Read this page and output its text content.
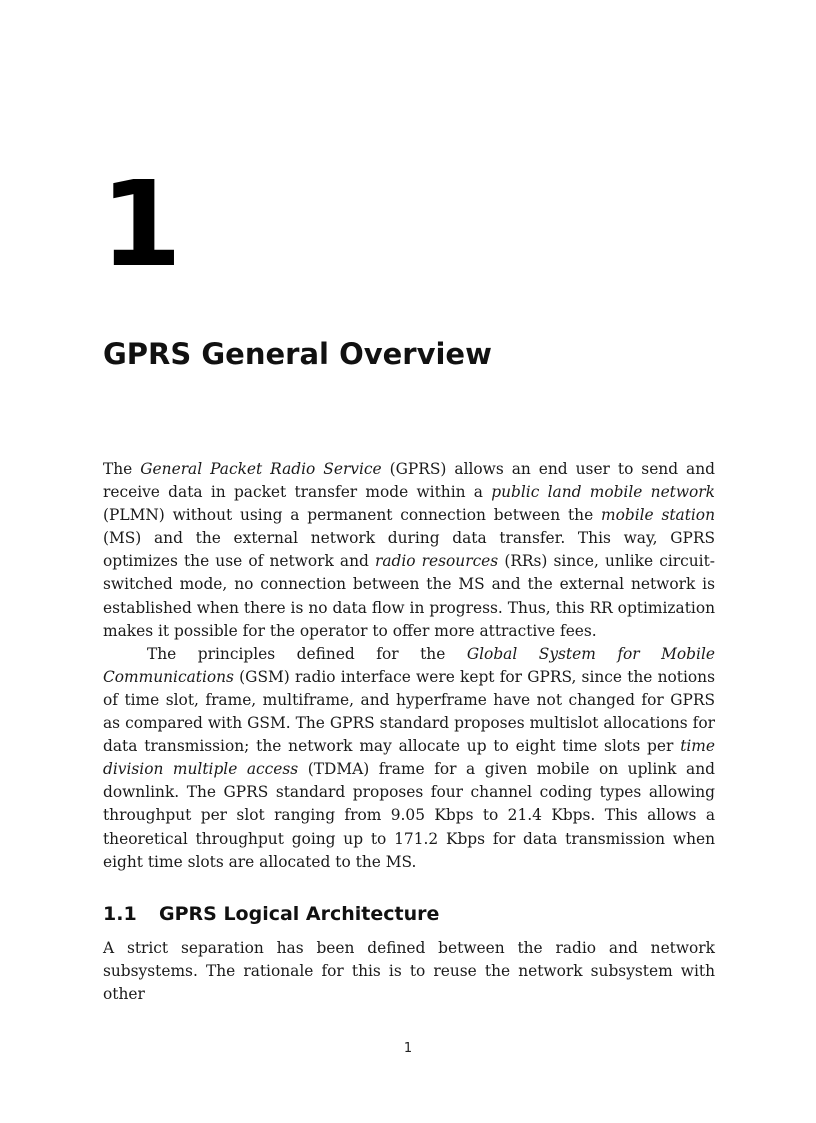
1
GPRS General Overview

The General Packet Radio Service (GPRS) allows an end user to send and receive data in packet transfer mode within a public land mobile network (PLMN) without using a permanent connection between the mobile station (MS) and the external network during data transfer. This way, GPRS optimizes the use of network and radio resources (RRs) since, unlike circuit-switched mode, no connection between the MS and the external network is established when there is no data flow in progress. Thus, this RR optimization makes it possible for the operator to offer more attractive fees.

The principles defined for the Global System for Mobile Communications (GSM) radio interface were kept for GPRS, since the notions of time slot, frame, multiframe, and hyperframe have not changed for GPRS as compared with GSM. The GPRS standard proposes multislot allocations for data transmission; the network may allocate up to eight time slots per time division multiple access (TDMA) frame for a given mobile on uplink and downlink. The GPRS standard proposes four channel coding types allowing throughput per slot ranging from 9.05 Kbps to 21.4 Kbps. This allows a theoretical throughput going up to 171.2 Kbps for data transmission when eight time slots are allocated to the MS.

1.1 GPRS Logical Architecture

A strict separation has been defined between the radio and network subsystems. The rationale for this is to reuse the network subsystem with other

1
